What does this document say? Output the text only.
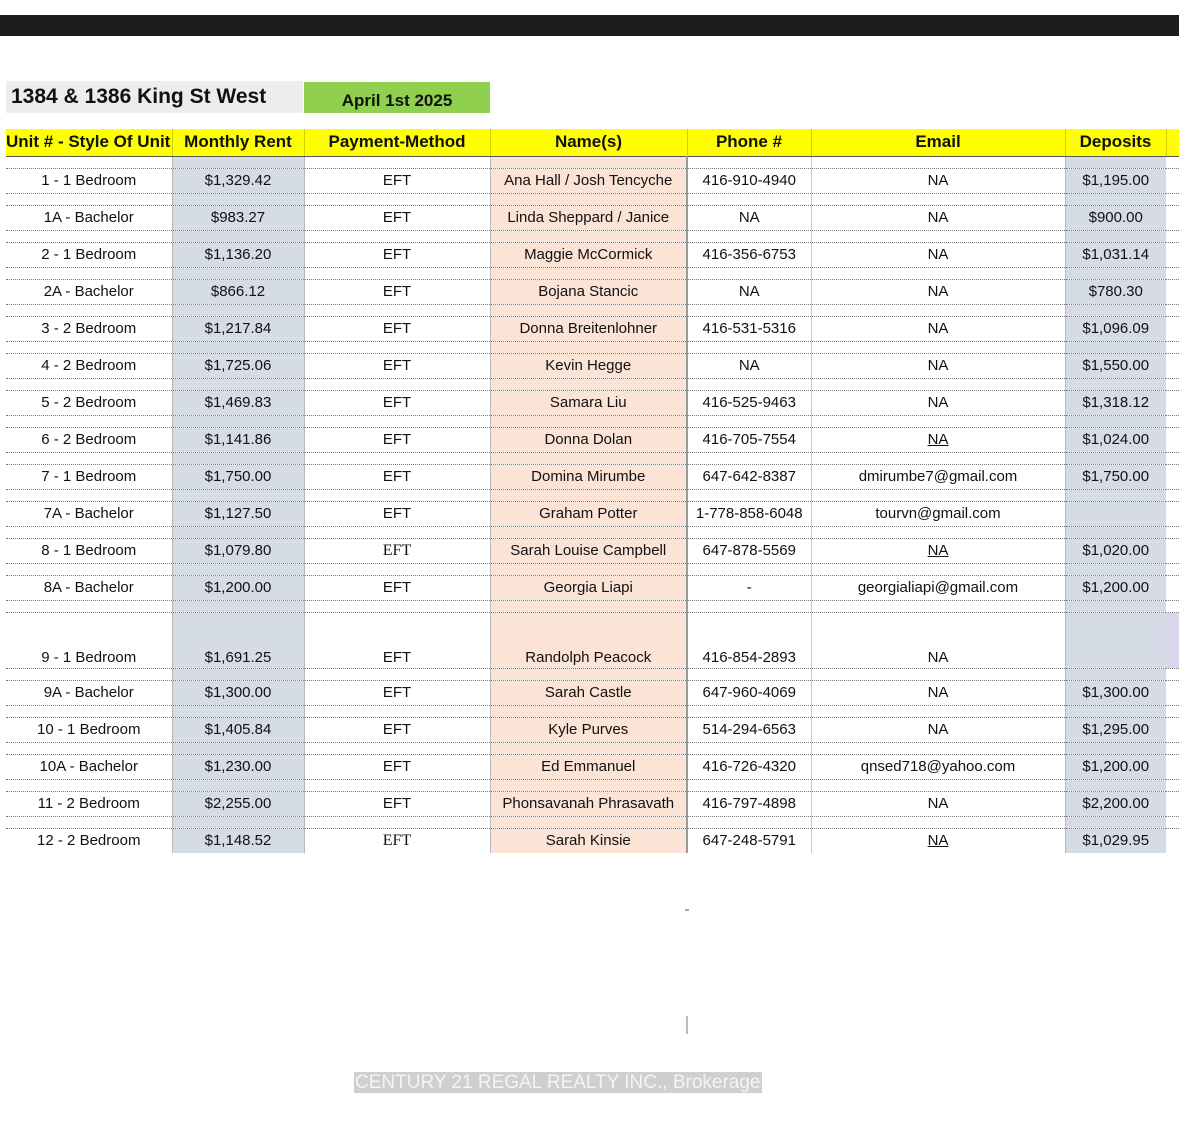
1384 & 1386 King St West	April 1st 2025
Unit # - Style Of Unit	Monthly Rent	Payment-Method	Name(s)	Phone #	Email	Deposits	

1 - 1 Bedroom	$1,329.42	EFT	Ana Hall / Josh Tencyche	416-910-4940	NA	$1,195.00	

1A - Bachelor	$983.27	EFT	Linda Sheppard / Janice	NA	NA	$900.00	

2 - 1 Bedroom	$1,136.20	EFT	Maggie McCormick	416-356-6753	NA	$1,031.14	

2A - Bachelor	$866.12	EFT	Bojana Stancic	NA	NA	$780.30	

3 - 2 Bedroom	$1,217.84	EFT	Donna Breitenlohner	416-531-5316	NA	$1,096.09	

4 - 2 Bedroom	$1,725.06	EFT	Kevin Hegge	NA	NA	$1,550.00	

5 - 2 Bedroom	$1,469.83	EFT	Samara Liu	416-525-9463	NA	$1,318.12	

6 - 2 Bedroom	$1,141.86	EFT	Donna Dolan	416-705-7554	NA	$1,024.00	

7 - 1 Bedroom	$1,750.00	EFT	Domina Mirumbe	647-642-8387	dmirumbe7@gmail.com	$1,750.00	

7A - Bachelor	$1,127.50	EFT	Graham Potter	1-778-858-6048	tourvn@gmail.com		

8 - 1 Bedroom	$1,079.80	EFT	Sarah Louise Campbell	647-878-5569	NA	$1,020.00	

8A - Bachelor	$1,200.00	EFT	Georgia Liapi	-	georgialiapi@gmail.com	$1,200.00	

9 - 1 Bedroom	$1,691.25	EFT	Randolph Peacock	416-854-2893	NA		

9A - Bachelor	$1,300.00	EFT	Sarah Castle	647-960-4069	NA	$1,300.00	

10 - 1 Bedroom	$1,405.84	EFT	Kyle Purves	514-294-6563	NA	$1,295.00	

10A - Bachelor	$1,230.00	EFT	Ed Emmanuel	416-726-4320	qnsed718@yahoo.com	$1,200.00	

11 - 2 Bedroom	$2,255.00	EFT	Phonsavanah Phrasavath	416-797-4898	NA	$2,200.00	

12 - 2 Bedroom	$1,148.52	EFT	Sarah Kinsie	647-248-5791	NA	$1,029.95	
CENTURY 21 REGAL REALTY INC., Brokerage
